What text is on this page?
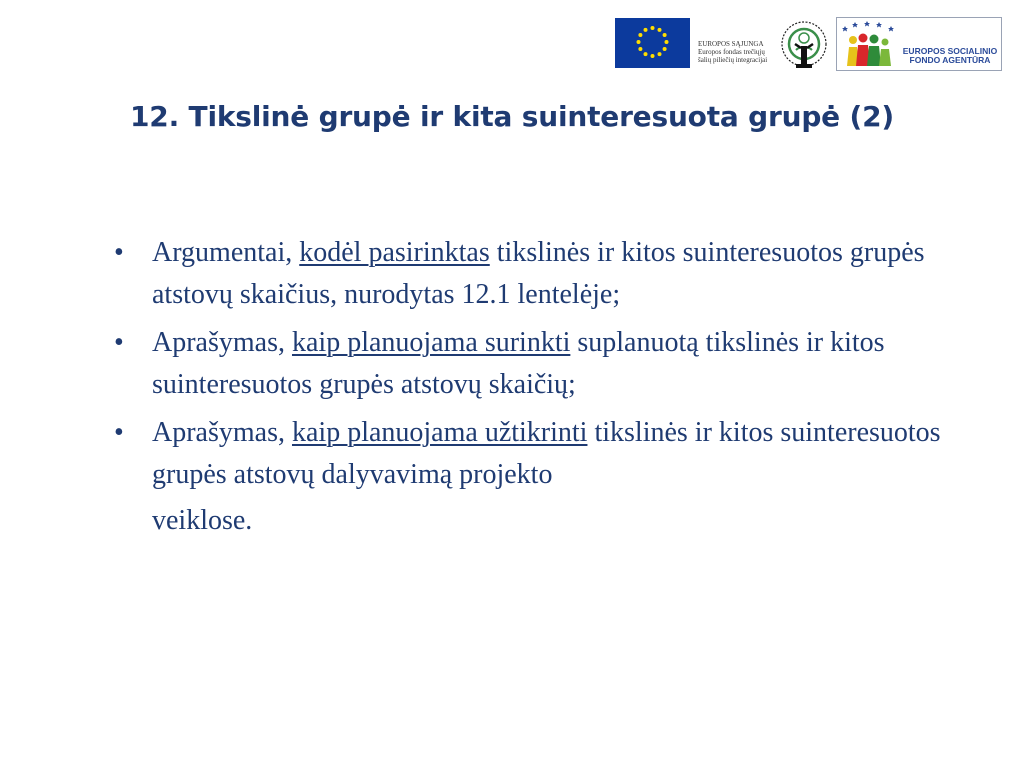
EUROPOS SĄJUNGA
Europos fondas trečiųjų
šalių piliečių integracijai
EUROPOS SOCIALINIO
FONDO AGENTŪRA
12. Tikslinė grupė ir kita suinteresuota grupė (2)
• Argumentai, kodėl pasirinktas tikslinės ir kitos suinteresuotos grupės atstovų skaičius, nurodytas 12.1 lentelėje;
• Aprašymas, kaip planuojama surinkti suplanuotą tikslinės ir kitos suinteresuotos grupės atstovų skaičių;
• Aprašymas, kaip planuojama užtikrinti tikslinės ir kitos suinteresuotos grupės atstovų dalyvavimą projekto
veiklose.
